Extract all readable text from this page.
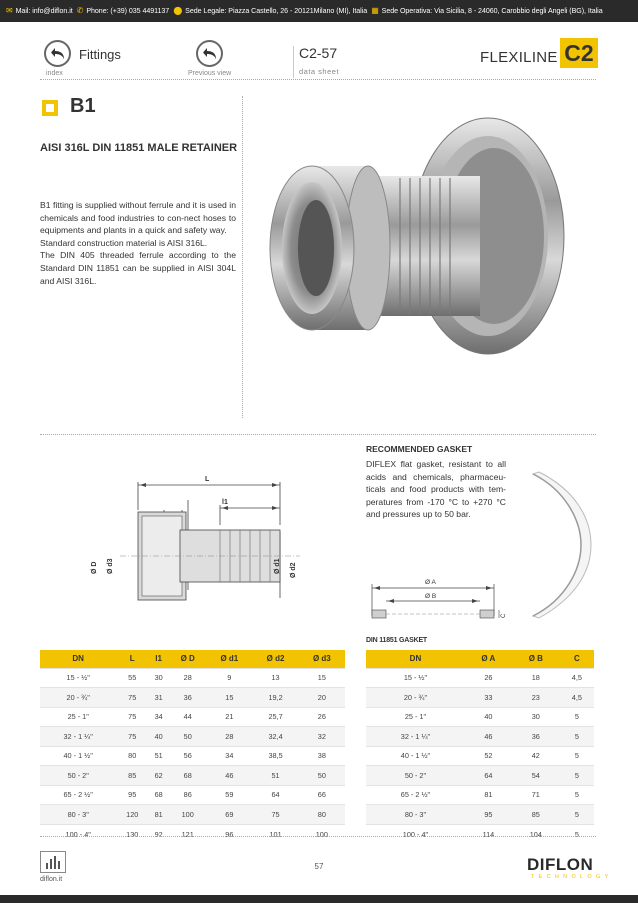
✉ Mail: info@diflon.it  ✆ Phone: (+39) 035 4491137  ⬤ Sede Legale: Piazza Castello, 26 - 20121Milano (MI), Italia  ▦ Sede Operativa: Via Sicilia, 8 - 24060, Carobbio degli Angeli (BG), Italia
Fittings
index	Previous view
C2-57
data sheet
FLEXILINE C2
B1
AISI 316L DIN 11851 MALE RETAINER

B1 fitting is supplied without ferrule and it is used in chemicals and food industries to con-nect hoses to equipments and plants in a quick and safety way.

Standard construction material is AISI 316L.

The DIN 405 threaded ferrule according to the Standard DIN 11851 can be supplied in AISI 304L and AISI 316L.

L
l1
Ø D Ø d3	Ø d1 Ø d2
RECOMMENDED GASKET
DIFLEX flat gasket, resistant to all acids and chemicals, pharmaceu-ticals and food products with tem-peratures from -170 °C to +270 °C and pressures up to 50 bar.
Ø A
Ø B
C
DIN 11851 GASKET
DN	L	l1	Ø D	Ø d1	Ø d2	Ø d3
15 - ½"	55	30	28	9	13	15
20 - ¾"	75	31	36	15	19,2	20
25 - 1"	75	34	44	21	25,7	26
32 - 1 ¼"	75	40	50	28	32,4	32
40 - 1 ½"	80	51	56	34	38,5	38
50 - 2"	85	62	68	46	51	50
65 - 2 ½"	95	68	86	59	64	66
80 - 3"	120	81	100	69	75	80
100 - 4"	130	92	121	96	101	100
DN	Ø A	Ø B	C
15 - ½"	26	18	4,5
20 - ¾"	33	23	4,5
25 - 1"	40	30	5
32 - 1 ¼"	46	36	5
40 - 1 ½"	52	42	5
50 - 2"	64	54	5
65 - 2 ½"	81	71	5
80 - 3"	95	85	5
100 - 4"	114	104	5
diflon.it
57	DIFLON
TECHNOLOGY
